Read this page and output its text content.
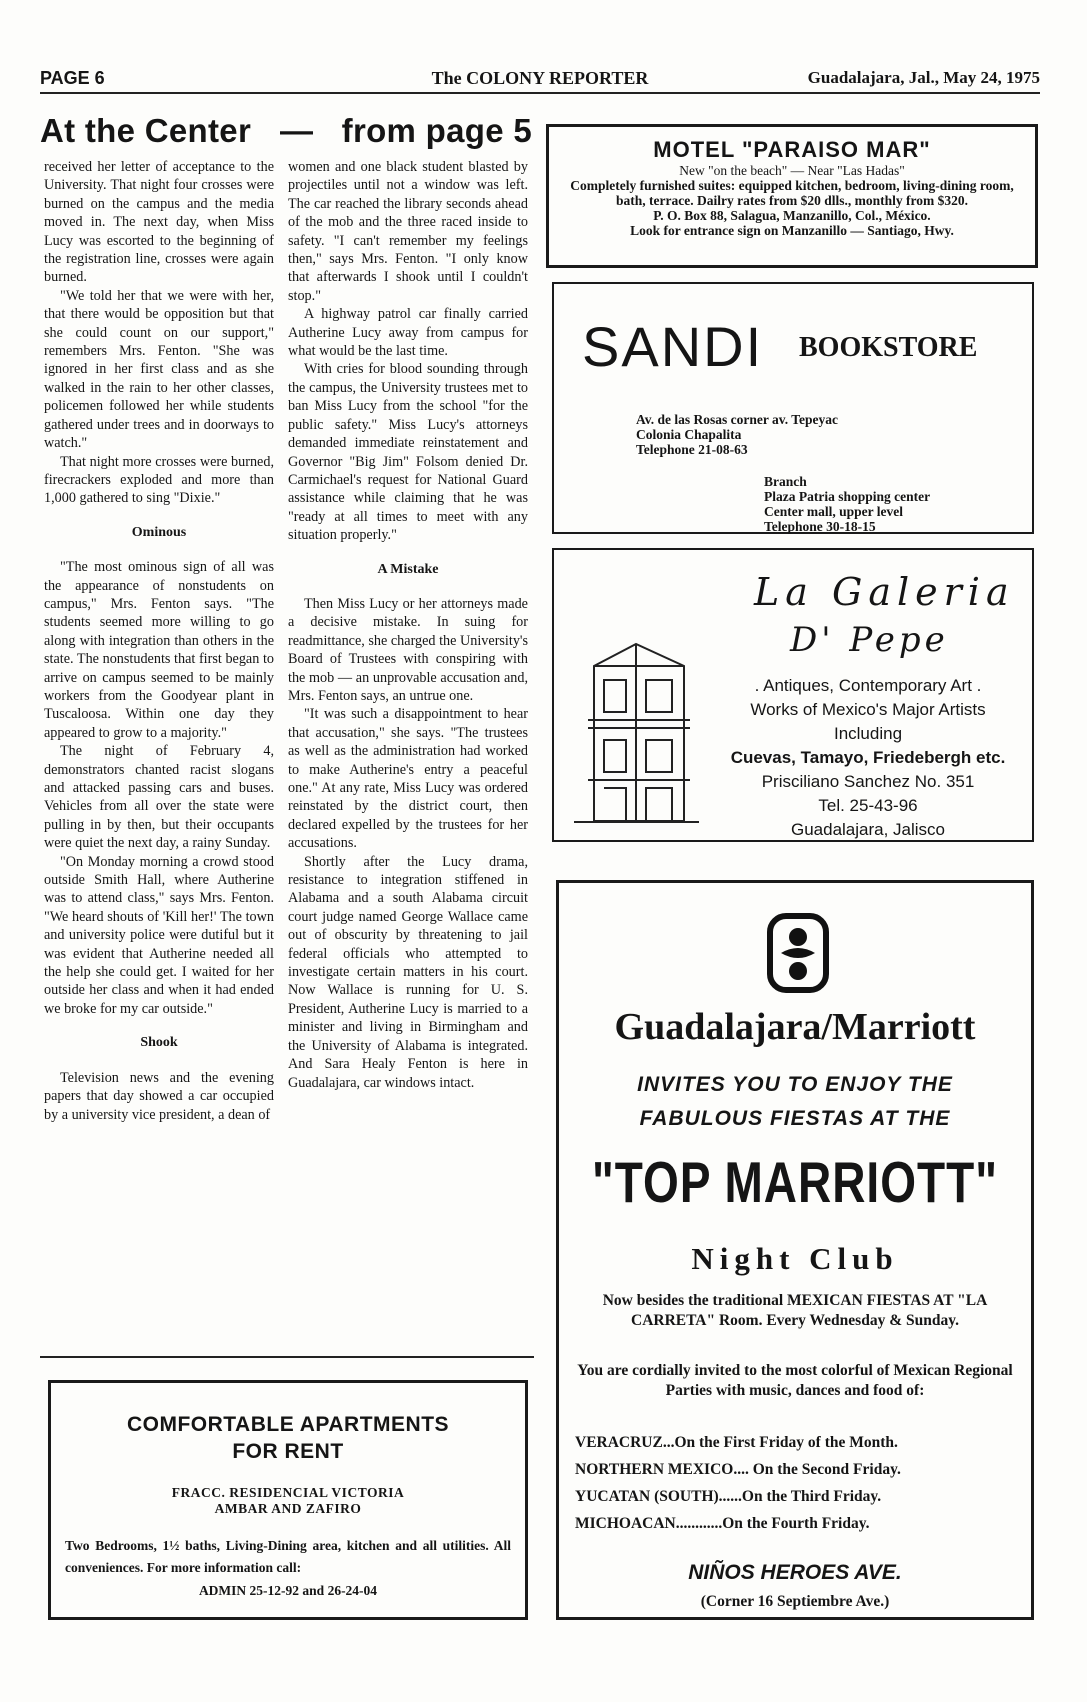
PAGE 6	The COLONY REPORTER	Guadalajara, Jal., May 24, 1975
At the Center — from page 5

received her letter of acceptance to the University. That night four crosses were burned on the campus and the media moved in. The next day, when Miss Lucy was escorted to the beginning of the registration line, crosses were again burned.

"We told her that we were with her, that there would be opposition but that she could count on our support," remembers Mrs. Fenton. "She was ignored in her first class and as she walked in the rain to her other classes, policemen followed her while students gathered under trees and in doorways to watch."

That night more crosses were burned, firecrackers exploded and more than 1,000 gathered to sing "Dixie."

Ominous

"The most ominous sign of all was the appearance of nonstudents on campus," Mrs. Fenton says. "The students seemed more willing to go along with integration than others in the state. The nonstudents that first began to arrive on campus seemed to be mainly workers from the Goodyear plant in Tuscaloosa. Within one day they appeared to grow to a majority."

The night of February 4, demonstrators chanted racist slogans and attacked passing cars and buses. Vehicles from all over the state were pulling in by then, but their occupants were quiet the next day, a rainy Sunday.

"On Monday morning a crowd stood outside Smith Hall, where Autherine was to attend class," says Mrs. Fenton. "We heard shouts of 'Kill her!' The town and university police were dutiful but it was evident that Autherine needed all the help she could get. I waited for her outside her class and when it had ended we broke for my car outside."

Shook

Television news and the evening papers that day showed a car occupied by a university vice president, a dean of

women and one black student blasted by projectiles until not a window was left. The car reached the library seconds ahead of the mob and the three raced inside to safety. "I can't remember my feelings then," says Mrs. Fenton. "I only know that afterwards I shook until I couldn't stop."

A highway patrol car finally carried Autherine Lucy away from campus for what would be the last time.

With cries for blood sounding through the campus, the University trustees met to ban Miss Lucy from the school "for the public safety." Miss Lucy's attorneys demanded immediate reinstatement and Governor "Big Jim" Folsom denied Dr. Carmichael's request for National Guard assistance while claiming that he was "ready at all times to meet with any situation properly."

A Mistake

Then Miss Lucy or her attorneys made a decisive mistake. In suing for readmittance, she charged the University's Board of Trustees with conspiring with the mob — an unprovable accusation and, Mrs. Fenton says, an untrue one.

"It was such a disappointment to hear that accusation," she says. "The trustees as well as the administration had worked to make Autherine's entry a peaceful one." At any rate, Miss Lucy was ordered reinstated by the district court, then declared expelled by the trustees for her accusations.

Shortly after the Lucy drama, resistance to integration stiffened in Alabama and a south Alabama circuit court judge named George Wallace came out of obscurity by threatening to jail federal officials who attempted to investigate certain matters in his court. Now Wallace is running for U. S. President, Autherine Lucy is married to a minister and living in Birmingham and the University of Alabama is integrated. And Sara Healy Fenton is here in Guadalajara, car windows intact.

MOTEL "PARAISO MAR"
New "on the beach" — Near "Las Hadas"
Completely furnished suites: equipped kitchen, bedroom, living-dining room, bath, terrace. Dailry rates from $20 dlls., monthly from $320.
P. O. Box 88, Salagua, Manzanillo, Col., México.
Look for entrance sign on Manzanillo — Santiago, Hwy.
SANDI BOOKSTORE
Av. de las Rosas corner av. Tepeyac
Colonia Chapalita
Telephone 21-08-63
Branch
Plaza Patria shopping center
Center mall, upper level
Telephone 30-18-15
La Galeria
D' Pepe
. Antiques, Contemporary Art .
Works of Mexico's Major Artists
Including
Cuevas, Tamayo, Friedebergh etc.
Prisciliano Sanchez No. 351
Tel. 25-43-96
Guadalajara, Jalisco
Guadalajara/Marriott
INVITES YOU TO ENJOY THE
FABULOUS FIESTAS AT THE
"TOP MARRIOTT"
Night Club
Now besides the traditional MEXICAN FIESTAS AT "LA CARRETA" Room. Every Wednesday & Sunday.
You are cordially invited to the most colorful of Mexican Regional Parties with music, dances and food of:
VERACRUZ...On the First Friday of the Month.
NORTHERN MEXICO.... On the Second Friday.
YUCATAN (SOUTH)......On the Third Friday.
MICHOACAN............On the Fourth Friday.
NIÑOS HEROES AVE.
(Corner 16 Septiembre Ave.)
COMFORTABLE APARTMENTS
FOR RENT
FRACC. RESIDENCIAL VICTORIA
AMBAR AND ZAFIRO
Two Bedrooms, 1½ baths, Living-Dining area, kitchen and all utilities. All conveniences. For more information call:
ADMIN 25-12-92 and 26-24-04
